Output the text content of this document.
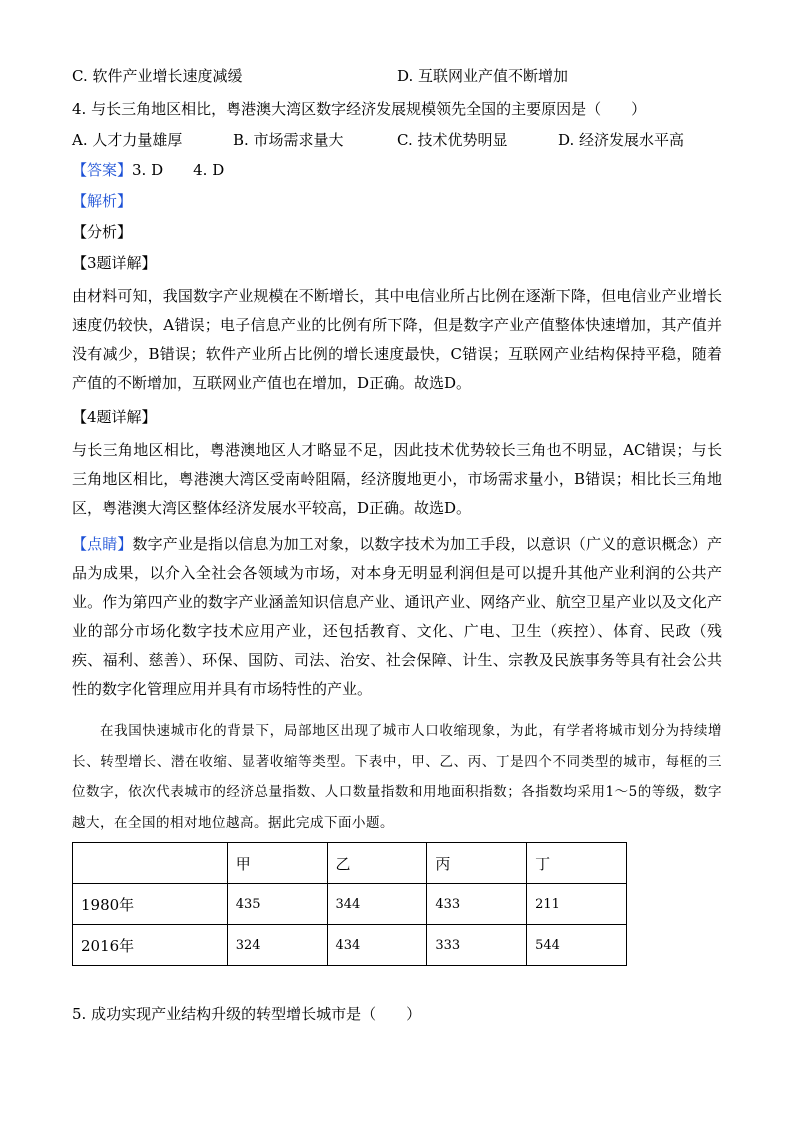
C. 软件产业增长速度减缓	D. 互联网业产值不断增加
4. 与长三角地区相比，粤港澳大湾区数字经济发展规模领先全国的主要原因是（　　）
A. 人才力量雄厚	B. 市场需求量大	C. 技术优势明显	D. 经济发展水平高
【答案】3. D　　4. D
【解析】
【分析】
【3题详解】
由材料可知，我国数字产业规模在不断增长，其中电信业所占比例在逐渐下降，但电信业产业增长速度仍较快，A错误；电子信息产业的比例有所下降，但是数字产业产值整体快速增加，其产值并没有减少，B错误；软件产业所占比例的增长速度最快，C错误；互联网产业结构保持平稳，随着产值的不断增加，互联网业产值也在增加，D正确。故选D。
【4题详解】
与长三角地区相比，粤港澳地区人才略显不足，因此技术优势较长三角也不明显，AC错误；与长三角地区相比，粤港澳大湾区受南岭阻隔，经济腹地更小，市场需求量小，B错误；相比长三角地区，粤港澳大湾区整体经济发展水平较高，D正确。故选D。
【点睛】数字产业是指以信息为加工对象，以数字技术为加工手段，以意识（广义的意识概念）产品为成果，以介入全社会各领域为市场，对本身无明显利润但是可以提升其他产业利润的公共产业。作为第四产业的数字产业涵盖知识信息产业、通讯产业、网络产业、航空卫星产业以及文化产业的部分市场化数字技术应用产业，还包括教育、文化、广电、卫生（疾控）、体育、民政（残疾、福利、慈善）、环保、国防、司法、治安、社会保障、计生、宗教及民族事务等具有社会公共性的数字化管理应用并具有市场特性的产业。
在我国快速城市化的背景下，局部地区出现了城市人口收缩现象，为此，有学者将城市划分为持续增长、转型增长、潜在收缩、显著收缩等类型。下表中，甲、乙、丙、丁是四个不同类型的城市，每框的三位数字，依次代表城市的经济总量指数、人口数量指数和用地面积指数；各指数均采用1～5的等级，数字越大，在全国的相对地位越高。据此完成下面小题。
	甲	乙	丙	丁
1980年	435	344	433	211
2016年	324	434	333	544
5. 成功实现产业结构升级的转型增长城市是（　　）
